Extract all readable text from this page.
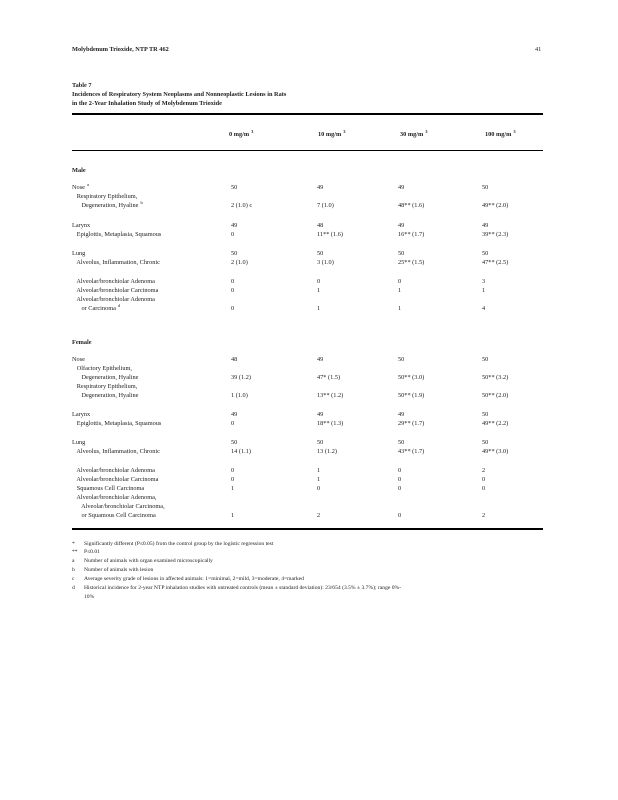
Molybdenum Trioxide, NTP TR 462	41
Table 7
Incidences of Respiratory System Neoplasms and Nonneoplastic Lesions in Rats
in the 2-Year Inhalation Study of Molybdenum Trioxide
0 mg/m $^3$	10 mg/m $^3$	30 mg/m $^3$	100 mg/m $^3$
Male
Nose $^a$	50	49	49	50
Respiratory Epithelium,
Degeneration, Hyaline $^b$	2 (1.0) c	7 (1.0)	48** (1.6)	49** (2.0)
Larynx	49	48	49	49
Epiglottis, Metaplasia, Squamous	0	11** (1.6)	16** (1.7)	39** (2.3)
Lung	50	50	50	50
Alveolus, Inflammation, Chronic	2 (1.0)	3 (1.0)	25** (1.5)	47** (2.5)
Alveolar/bronchiolar Adenoma	0	0	0	3
Alveolar/bronchiolar Carcinoma	0	1	1	1
Alveolar/bronchiolar Adenoma
or Carcinoma $^d$	0	1	1	4
Female
Nose	48	49	50	50
Olfactory Epithelium,
Degeneration, Hyaline	39 (1.2)	47* (1.5)	50** (3.0)	50** (3.2)
Respiratory Epithelium,
Degeneration, Hyaline	1 (1.0)	13** (1.2)	50** (1.9)	50** (2.0)
Larynx	49	49	49	50
Epiglottis, Metaplasia, Squamous	0	18** (1.3)	29** (1.7)	49** (2.2)
Lung	50	50	50	50
Alveolus, Inflammation, Chronic	14 (1.1)	13 (1.2)	43** (1.7)	49** (3.0)
Alveolar/bronchiolar Adenoma	0	1	0	2
Alveolar/bronchiolar Carcinoma	0	1	0	0
Squamous Cell Carcinoma	1	0	0	0
Alveolar/bronchiolar Adenoma,
Alveolar/bronchiolar Carcinoma,
or Squamous Cell Carcinoma	1	2	0	2
* Significantly different (P≤0.05) from the control group by the logistic regression test
** P≤0.01
a Number of animals with organ examined microscopically
b Number of animals with lesion
c Average severity grade of lesions in affected animals: 1=minimal, 2=mild, 3=moderate, 4=marked
d Historical incidence for 2-year NTP inhalation studies with untreated controls (mean ± standard deviation): 23/654 (3.5% ± 3.7%); range 0%-
10%
